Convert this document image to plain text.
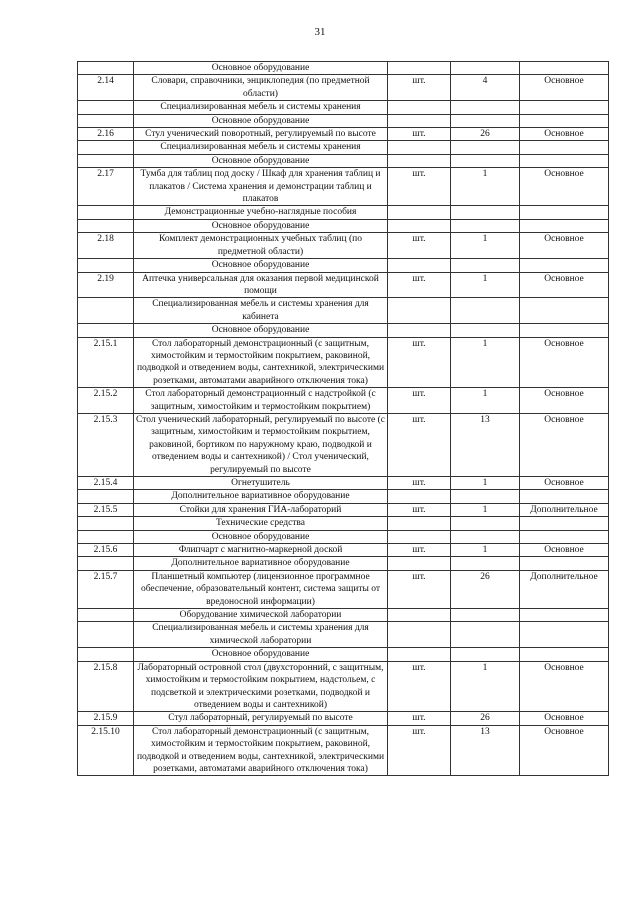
31
	Основное оборудование			
2.14	Словари, справочники, энциклопедия (по предметной области)	шт.	4	Основное
	Специализированная мебель и системы хранения			
	Основное оборудование			
2.16	Стул ученический поворотный, регулируемый по высоте	шт.	26	Основное
	Специализированная мебель и системы хранения			
	Основное оборудование			
2.17	Тумба для таблиц под доску / Шкаф для хранения таблиц и плакатов / Система хранения и демонстрации таблиц и плакатов	шт.	1	Основное
	Демонстрационные учебно-наглядные пособия			
	Основное оборудование			
2.18	Комплект демонстрационных учебных таблиц (по предметной области)	шт.	1	Основное
	Основное оборудование			
2.19	Аптечка универсальная для оказания первой медицинской помощи	шт.	1	Основное
	Специализированная мебель и системы хранения для кабинета			
	Основное оборудование			
2.15.1	Стол лабораторный демонстрационный (с защитным, химостойким и термостойким покрытием, раковиной, подводкой и отведением воды, сантехникой, электрическими розетками, автоматами аварийного отключения тока)	шт.	1	Основное
2.15.2	Стол лабораторный демонстрационный с надстройкой (с защитным, химостойким и термостойким покрытием)	шт.	1	Основное
2.15.3	Стол ученический лабораторный, регулируемый по высоте (с защитным, химостойким и термостойким покрытием, раковиной, бортиком по наружному краю, подводкой и отведением воды и сантехникой) / Стол ученический, регулируемый по высоте	шт.	13	Основное
2.15.4	Огнетушитель	шт.	1	Основное
	Дополнительное вариативное оборудование			
2.15.5	Стойки для хранения ГИА-лабораторий	шт.	1	Дополнительное
	Технические средства			
	Основное оборудование			
2.15.6	Флипчарт с магнитно-маркерной доской	шт.	1	Основное
	Дополнительное вариативное оборудование			
2.15.7	Планшетный компьютер (лицензионное программное обеспечение, образовательный контент, система защиты от вредоносной информации)	шт.	26	Дополнительное
	Оборудование химической лаборатории			
	Специализированная мебель и системы хранения для химической лаборатории			
	Основное оборудование			
2.15.8	Лабораторный островной стол (двухсторонний, с защитным, химостойким и термостойким покрытием, надстольем, с подсветкой и электрическими розетками, подводкой и отведением воды и сантехникой)	шт.	1	Основное
2.15.9	Стул лабораторный, регулируемый по высоте	шт.	26	Основное
2.15.10	Стол лабораторный демонстрационный (с защитным, химостойким и термостойким покрытием, раковиной, подводкой и отведением воды, сантехникой, электрическими розетками, автоматами аварийного отключения тока)	шт.	13	Основное
